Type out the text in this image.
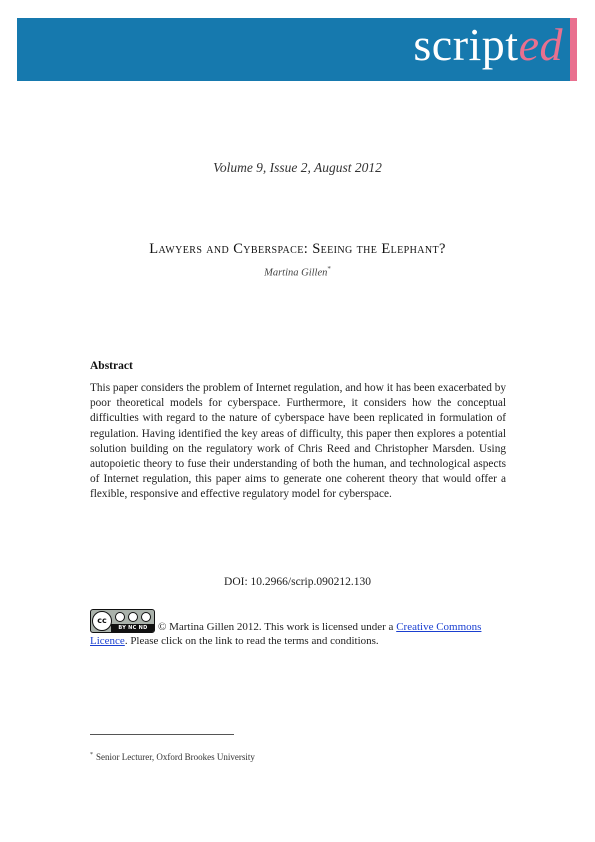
scripted
Volume 9, Issue 2, August 2012
Lawyers and Cyberspace: Seeing the Elephant?
Martina Gillen*
Abstract
This paper considers the problem of Internet regulation, and how it has been exacerbated by poor theoretical models for cyberspace. Furthermore, it considers how the conceptual difficulties with regard to the nature of cyberspace have been replicated in formulation of regulation. Having identified the key areas of difficulty, this paper then explores a potential solution building on the regulatory work of Chris Reed and Christopher Marsden. Using autopoietic theory to fuse their understanding of both the human, and technological aspects of Internet regulation, this paper aims to generate one coherent theory that would offer a flexible, responsive and effective regulatory model for cyberspace.
DOI: 10.2966/scrip.090212.130
cc
BY NC ND © Martina Gillen 2012. This work is licensed under a Creative Commons Licence. Please click on the link to read the terms and conditions.
* Senior Lecturer, Oxford Brookes University
